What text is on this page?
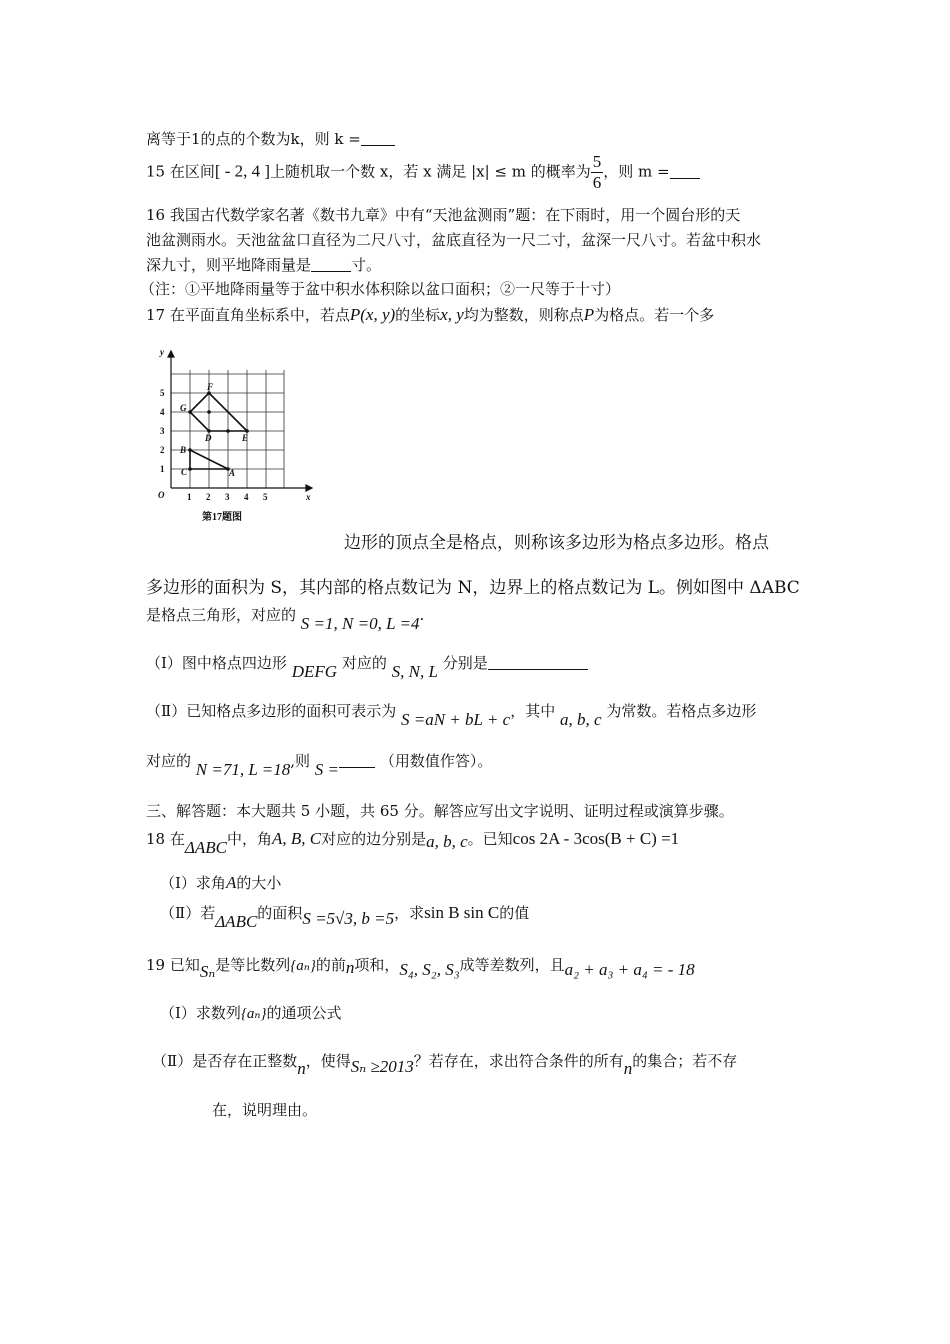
离等于1的点的个数为k，则 k =
15 在区间[ - 2, 4 ]上随机取一个数 x，若 x 满足 |x| ≤ m 的概率为 $\frac{5}{6}$ ，则 m =
16 我国古代数学家名著《数书九章》中有“天池盆测雨”题：在下雨时，用一个圆台形的天
池盆测雨水。天池盆盆口直径为二尺八寸，盆底直径为一尺二寸，盆深一尺八寸。若盆中积水
深九寸，则平地降雨量是	寸。
（注：①平地降雨量等于盆中积水体积除以盆口面积；②一尺等于十寸）
17 在平面直角坐标系中，若点P(x, y)的坐标x, y均为整数，则称点P为格点。若一个多
y
x
O
F
G
D	E
B
C	A
1
2
3
4
5
1 2 3 4 5
第17题图
边形的顶点全是格点，则称该多边形为格点多边形。格点
多边形的面积为 S，其内部的格点数记为 N，边界上的格点数记为 L。例如图中 ΔABC
是格点三角形，对应的 S =1, N =0, L =4.
（Ⅰ）图中格点四边形 DEFG 对应的 S, N, L 分别是
（Ⅱ）已知格点多边形的面积可表示为 S =aN + bL + c，其中 a, b, c 为常数。若格点多边形
对应的 N =71, L =18,则 S =	（用数值作答）。
三、解答题：本大题共 5 小题，共 65 分。解答应写出文字说明、证明过程或演算步骤。
18 在ΔABC中，角A, B, C对应的边分别是a, b, c。已知cos 2A - 3cos(B + C) =1
（Ⅰ）求角A的大小
（Ⅱ）若ΔABC的面积S =5√3, b =5，求sin B sin C的值
19 已知Sₙ是等比数列{aₙ}的前n项和，S₄, S₂, S₃成等差数列，且a₂ + a₃ + a₄ = - 18
（Ⅰ）求数列{aₙ}的通项公式
（Ⅱ）是否存在正整数n，使得Sₙ ≥2013？若存在，求出符合条件的所有n的集合；若不存
在，说明理由。
